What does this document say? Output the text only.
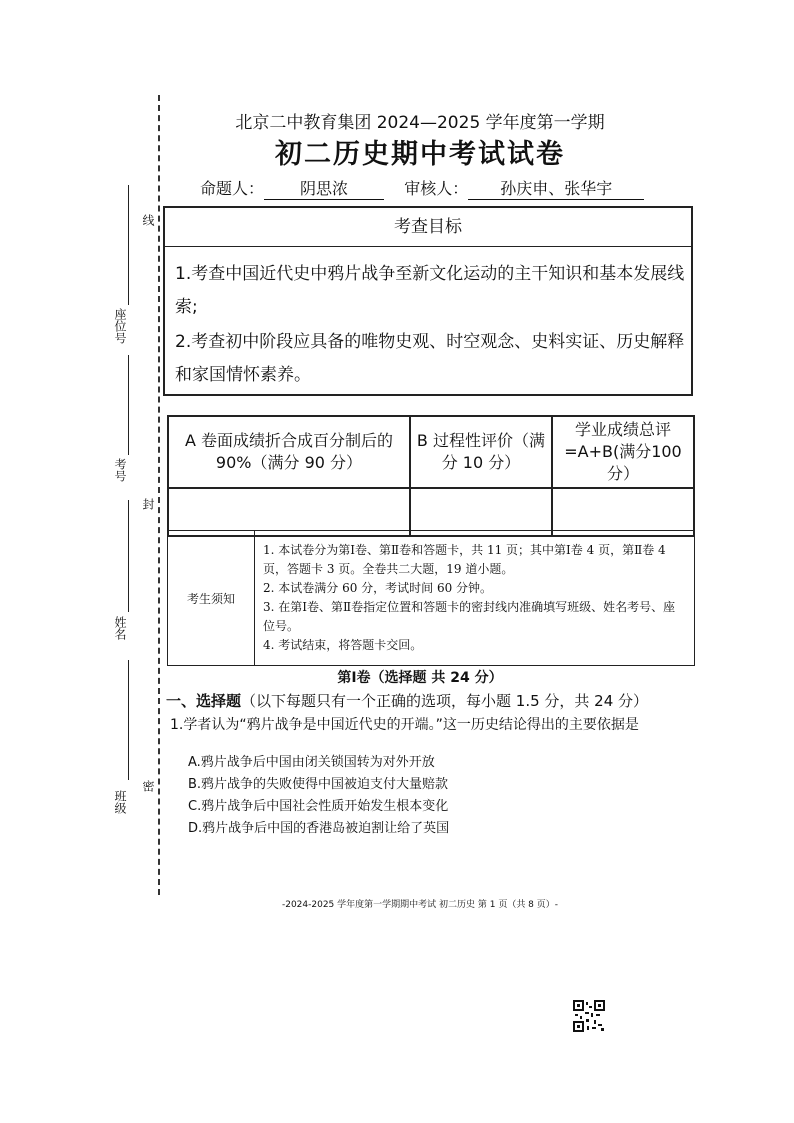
线
座位号
考号
封
姓名
班级
密
北京二中教育集团 2024—2025 学年度第一学期
初二历史期中考试试卷
命题人： 阴思浓	审核人： 孙庆申、张华宇
考查目标
1.考查中国近代史中鸦片战争至新文化运动的主干知识和基本发展线索;
2.考查初中阶段应具备的唯物史观、时空观念、史料实证、历史解释和家国情怀素养。
A 卷面成绩折合成百分制后的 90%（满分 90 分）	B 过程性评价（满分 10 分）	学业成绩总评=A+B(满分100 分）

考生须知	
1. 本试卷分为第Ⅰ卷、第Ⅱ卷和答题卡，共 11 页；其中第Ⅰ卷 4 页，第Ⅱ卷 4 页，答题卡 3 页。全卷共二大题，19 道小题。
2. 本试卷满分 60 分，考试时间 60 分钟。
3. 在第Ⅰ卷、第Ⅱ卷指定位置和答题卡的密封线内准确填写班级、姓名考号、座位号。
4. 考试结束，将答题卡交回。
第Ⅰ卷（选择题 共 24 分）
一、选择题（以下每题只有一个正确的选项，每小题 1.5 分，共 24 分）
1.学者认为“鸦片战争是中国近代史的开端。”这一历史结论得出的主要依据是
A.鸦片战争后中国由闭关锁国转为对外开放
B.鸦片战争的失败使得中国被迫支付大量赔款
C.鸦片战争后中国社会性质开始发生根本变化
D.鸦片战争后中国的香港岛被迫割让给了英国
-2024-2025 学年度第一学期期中考试 初二历史 第 1 页（共 8 页）-
